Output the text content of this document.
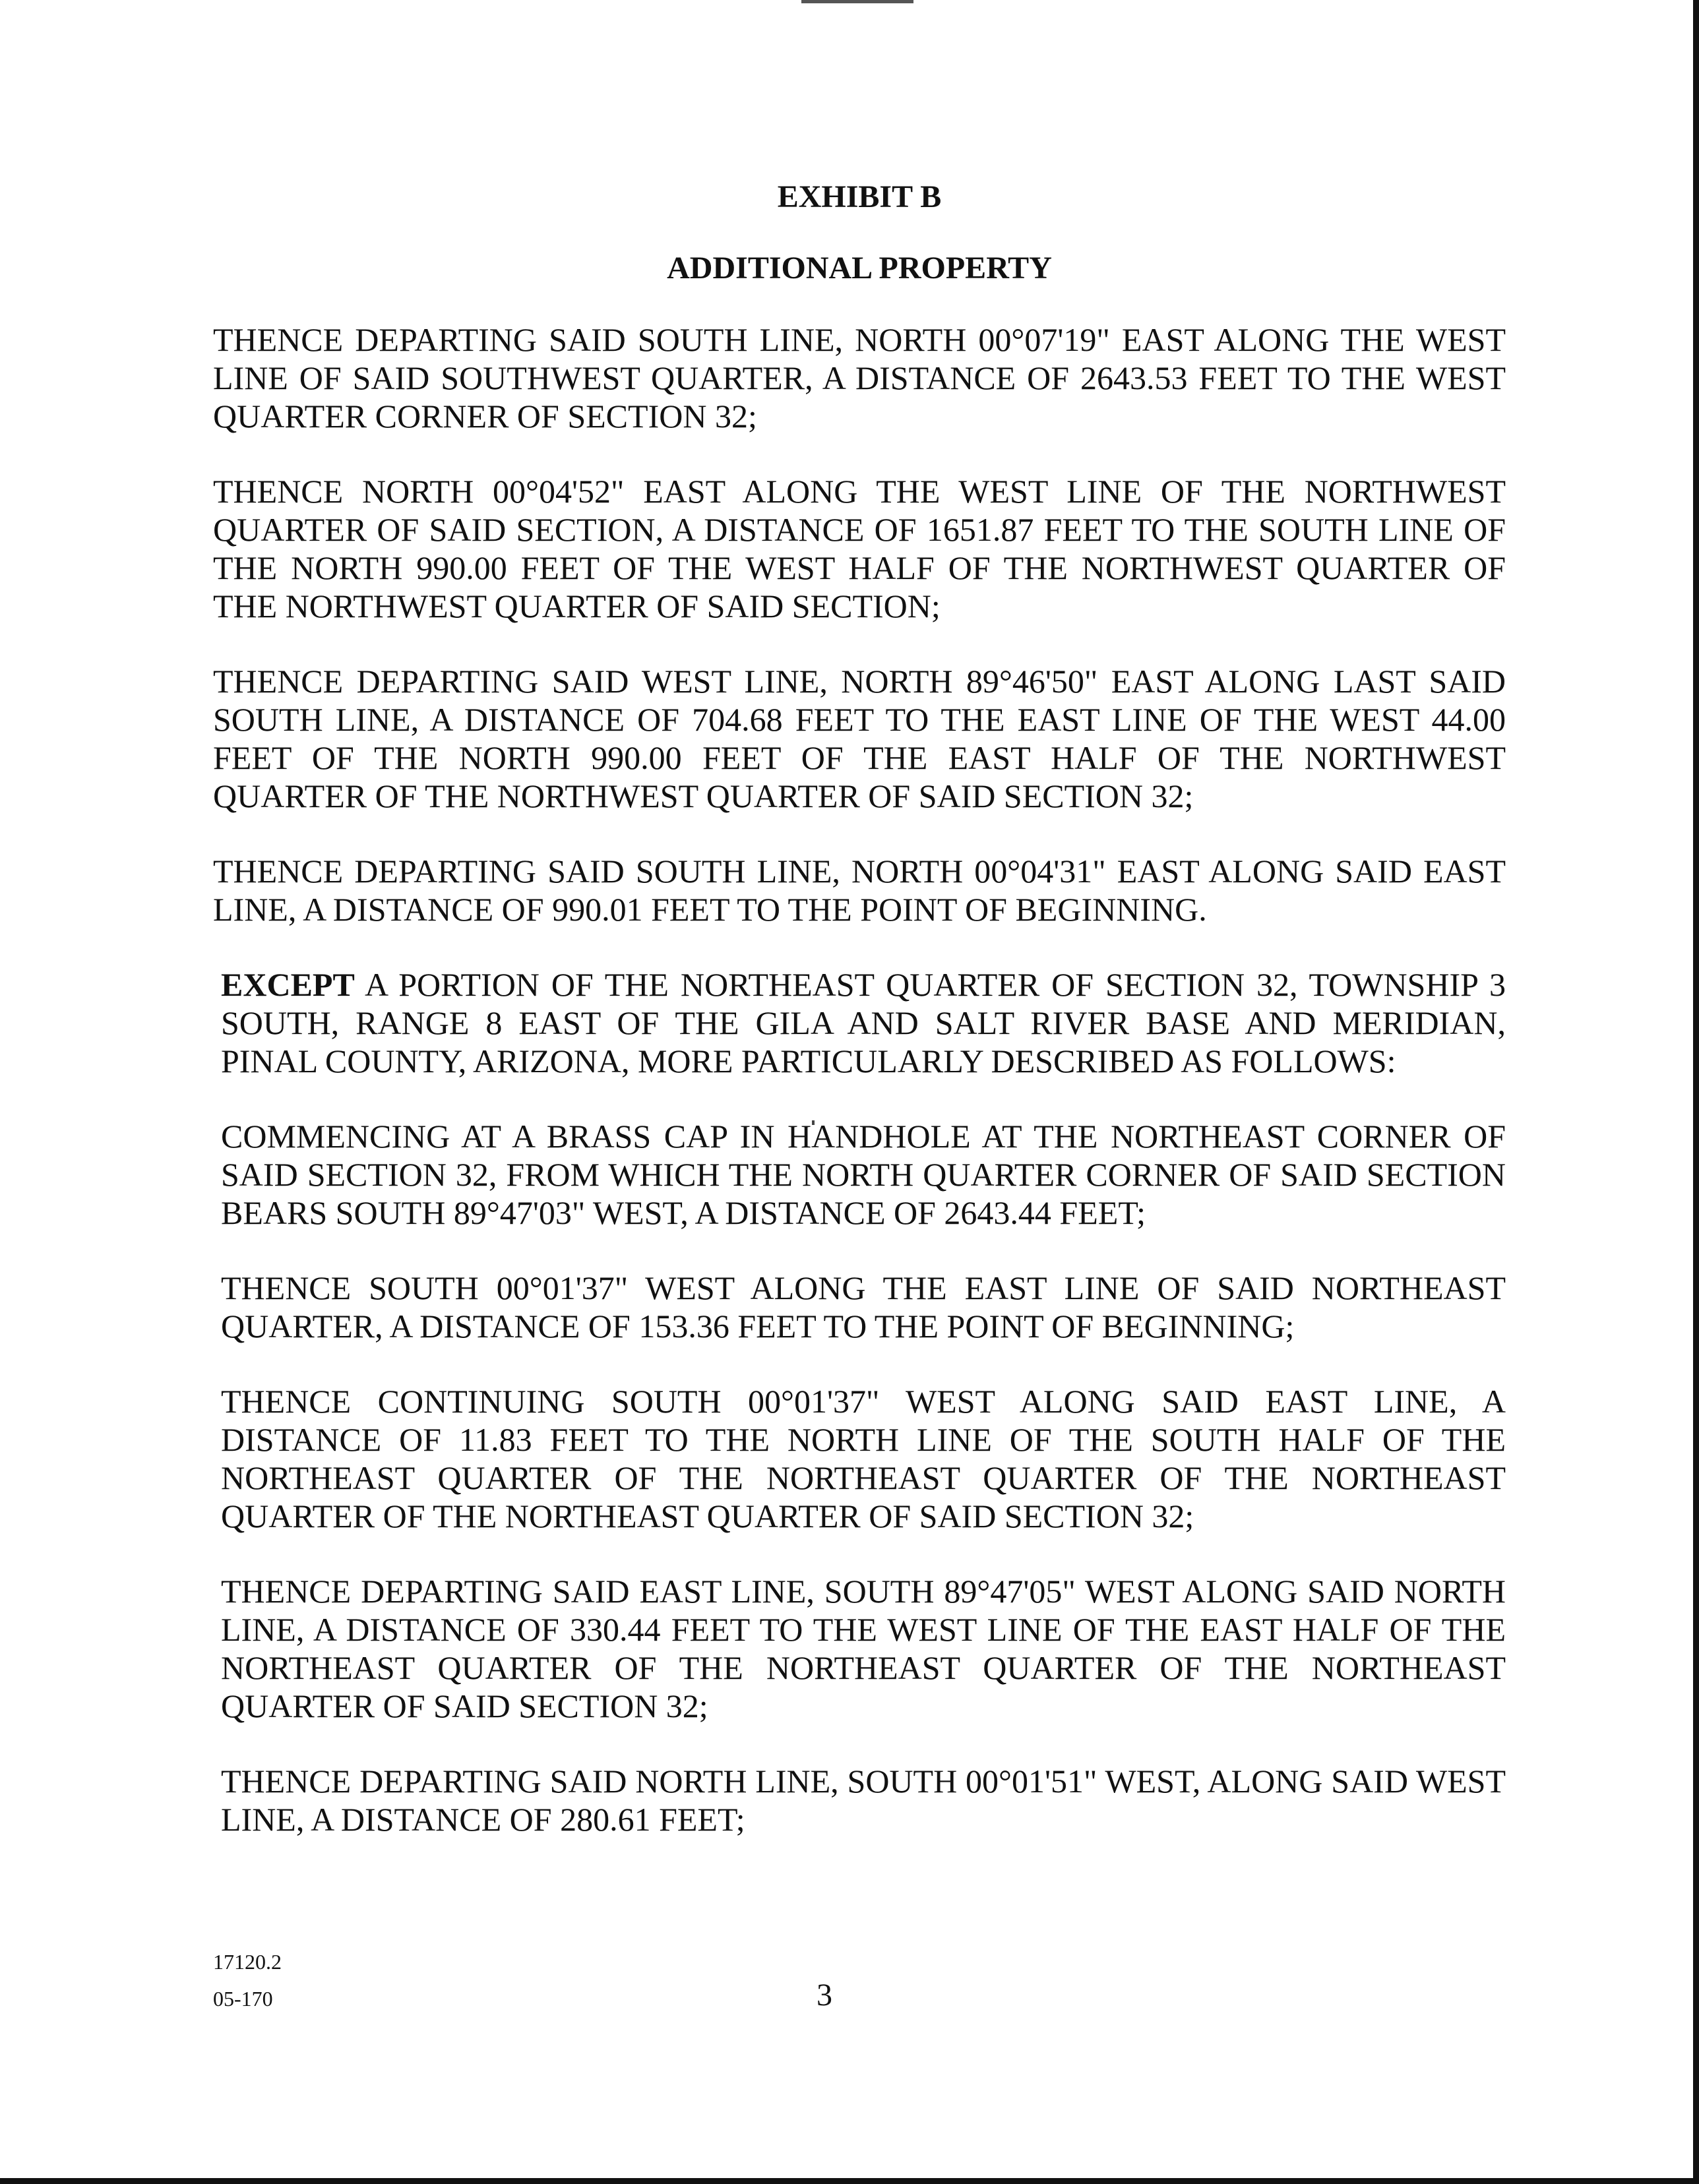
EXHIBIT B
ADDITIONAL PROPERTY

THENCE DEPARTING SAID SOUTH LINE, NORTH 00°07'19" EAST ALONG THE WEST LINE OF SAID SOUTHWEST QUARTER, A DISTANCE OF 2643.53 FEET TO THE WEST QUARTER CORNER OF SECTION 32;

THENCE NORTH 00°04'52" EAST ALONG THE WEST LINE OF THE NORTHWEST QUARTER OF SAID SECTION, A DISTANCE OF 1651.87 FEET TO THE SOUTH LINE OF THE NORTH 990.00 FEET OF THE WEST HALF OF THE NORTHWEST QUARTER OF THE NORTHWEST QUARTER OF SAID SECTION;

THENCE DEPARTING SAID WEST LINE, NORTH 89°46'50" EAST ALONG LAST SAID SOUTH LINE, A DISTANCE OF 704.68 FEET TO THE EAST LINE OF THE WEST 44.00 FEET OF THE NORTH 990.00 FEET OF THE EAST HALF OF THE NORTHWEST QUARTER OF THE NORTHWEST QUARTER OF SAID SECTION 32;

THENCE DEPARTING SAID SOUTH LINE, NORTH 00°04'31" EAST ALONG SAID EAST LINE, A DISTANCE OF 990.01 FEET TO THE POINT OF BEGINNING.

EXCEPT A PORTION OF THE NORTHEAST QUARTER OF SECTION 32, TOWNSHIP 3 SOUTH, RANGE 8 EAST OF THE GILA AND SALT RIVER BASE AND MERIDIAN, PINAL COUNTY, ARIZONA, MORE PARTICULARLY DESCRIBED AS FOLLOWS:

COMMENCING AT A BRASS CAP IN HANDHOLE AT THE NORTHEAST CORNER OF SAID SECTION 32, FROM WHICH THE NORTH QUARTER CORNER OF SAID SECTION BEARS SOUTH 89°47'03" WEST, A DISTANCE OF 2643.44 FEET;

THENCE SOUTH 00°01'37" WEST ALONG THE EAST LINE OF SAID NORTHEAST QUARTER, A DISTANCE OF 153.36 FEET TO THE POINT OF BEGINNING;

THENCE CONTINUING SOUTH 00°01'37" WEST ALONG SAID EAST LINE, A DISTANCE OF 11.83 FEET TO THE NORTH LINE OF THE SOUTH HALF OF THE NORTHEAST QUARTER OF THE NORTHEAST QUARTER OF THE NORTHEAST QUARTER OF THE NORTHEAST QUARTER OF SAID SECTION 32;

THENCE DEPARTING SAID EAST LINE, SOUTH 89°47'05" WEST ALONG SAID NORTH LINE, A DISTANCE OF 330.44 FEET TO THE WEST LINE OF THE EAST HALF OF THE NORTHEAST QUARTER OF THE NORTHEAST QUARTER OF THE NORTHEAST QUARTER OF SAID SECTION 32;

THENCE DEPARTING SAID NORTH LINE, SOUTH 00°01'51" WEST, ALONG SAID WEST LINE, A DISTANCE OF 280.61 FEET;

17120.2
05-170	3
